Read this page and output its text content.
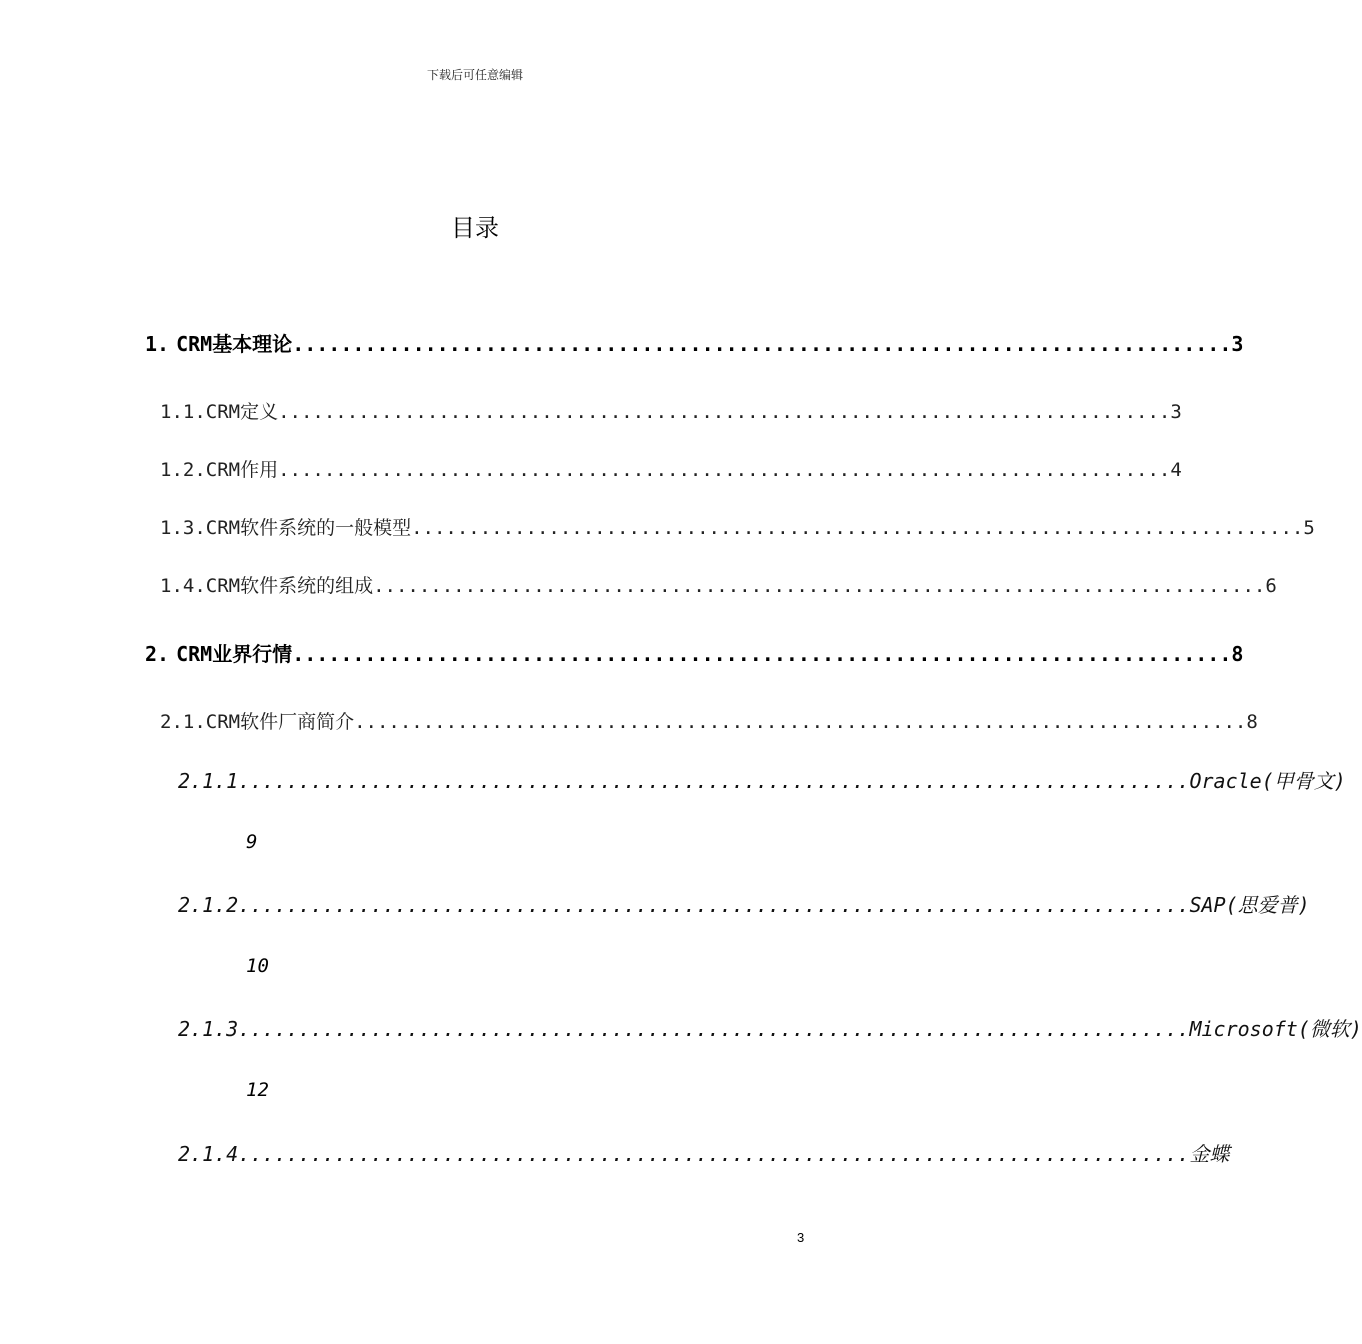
下载后可任意编辑
目录
1. CRM基本理论 .............................................................................. 3
1.1.CRM定义 .............................................................................. 3
1.2.CRM作用 .............................................................................. 4
1.3.CRM软件系统的一般模型 .............................................................................. 5
1.4.CRM软件系统的组成 .............................................................................. 6
2. CRM业界行情 .............................................................................. 8
2.1.CRM软件厂商简介 .............................................................................. 8
2.1.1. .............................................................................. Oracle(甲骨文)
9
2.1.2. .............................................................................. SAP(思爱普)
10
2.1.3. .............................................................................. Microsoft(微软)
12
2.1.4. .............................................................................. 金蝶
3
